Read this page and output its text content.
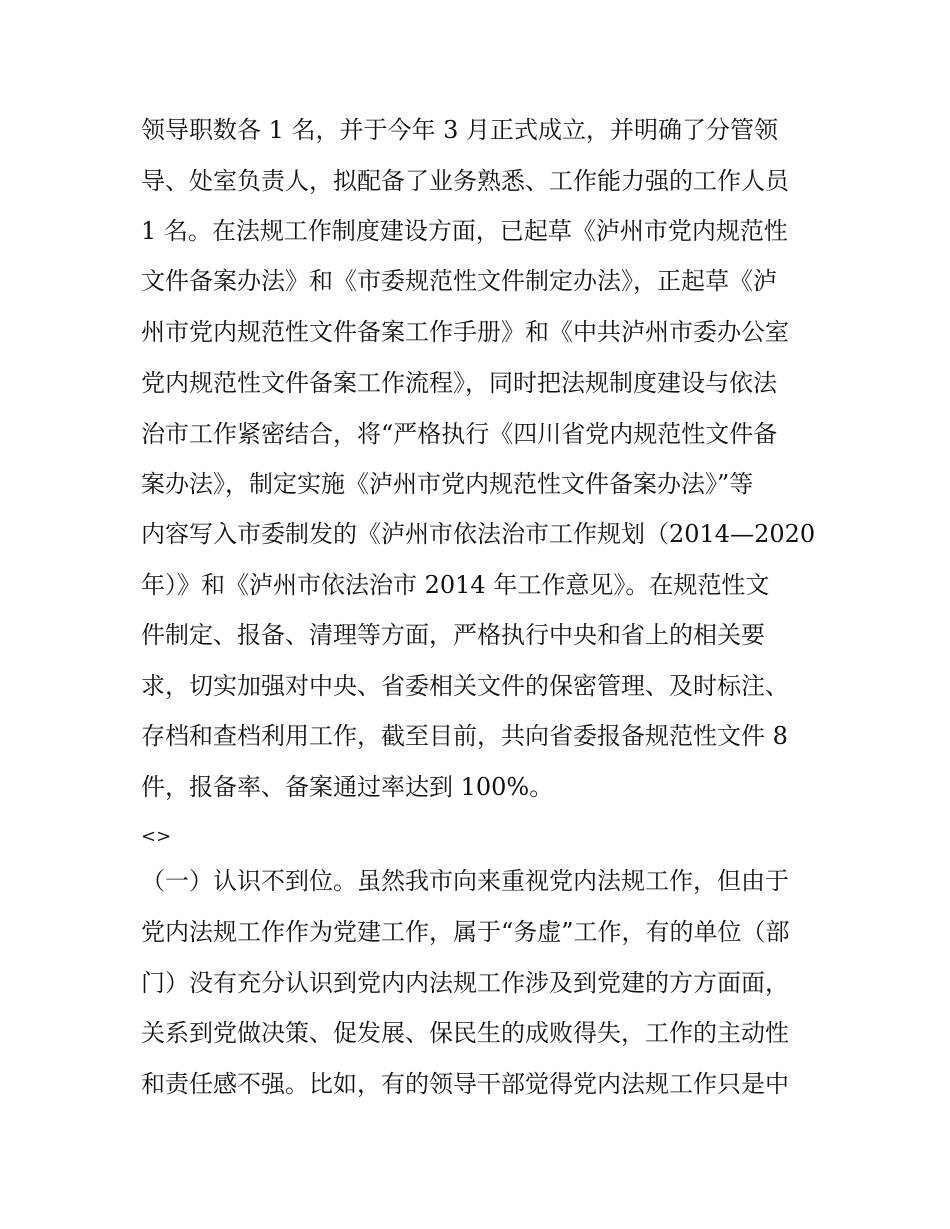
领导职数各 1 名，并于今年 3 月正式成立，并明确了分管领
导、处室负责人，拟配备了业务熟悉、工作能力强的工作人员
1 名。在法规工作制度建设方面，已起草《泸州市党内规范性
文件备案办法》和《市委规范性文件制定办法》，正起草《泸
州市党内规范性文件备案工作手册》和《中共泸州市委办公室
党内规范性文件备案工作流程》，同时把法规制度建设与依法
治市工作紧密结合，将“严格执行《四川省党内规范性文件备
案办法》，制定实施《泸州市党内规范性文件备案办法》”等
内容写入市委制发的《泸州市依法治市工作规划（2014—2020
年）》和《泸州市依法治市 2014 年工作意见》。在规范性文
件制定、报备、清理等方面，严格执行中央和省上的相关要
求，切实加强对中央、省委相关文件的保密管理、及时标注、
存档和查档利用工作，截至目前，共向省委报备规范性文件 8
件，报备率、备案通过率达到 100%。
<>
（一）认识不到位。虽然我市向来重视党内法规工作，但由于
党内法规工作作为党建工作，属于“务虚”工作，有的单位（部
门）没有充分认识到党内内法规工作涉及到党建的方方面面，
关系到党做决策、促发展、保民生的成败得失，工作的主动性
和责任感不强。比如，有的领导干部觉得党内法规工作只是中
